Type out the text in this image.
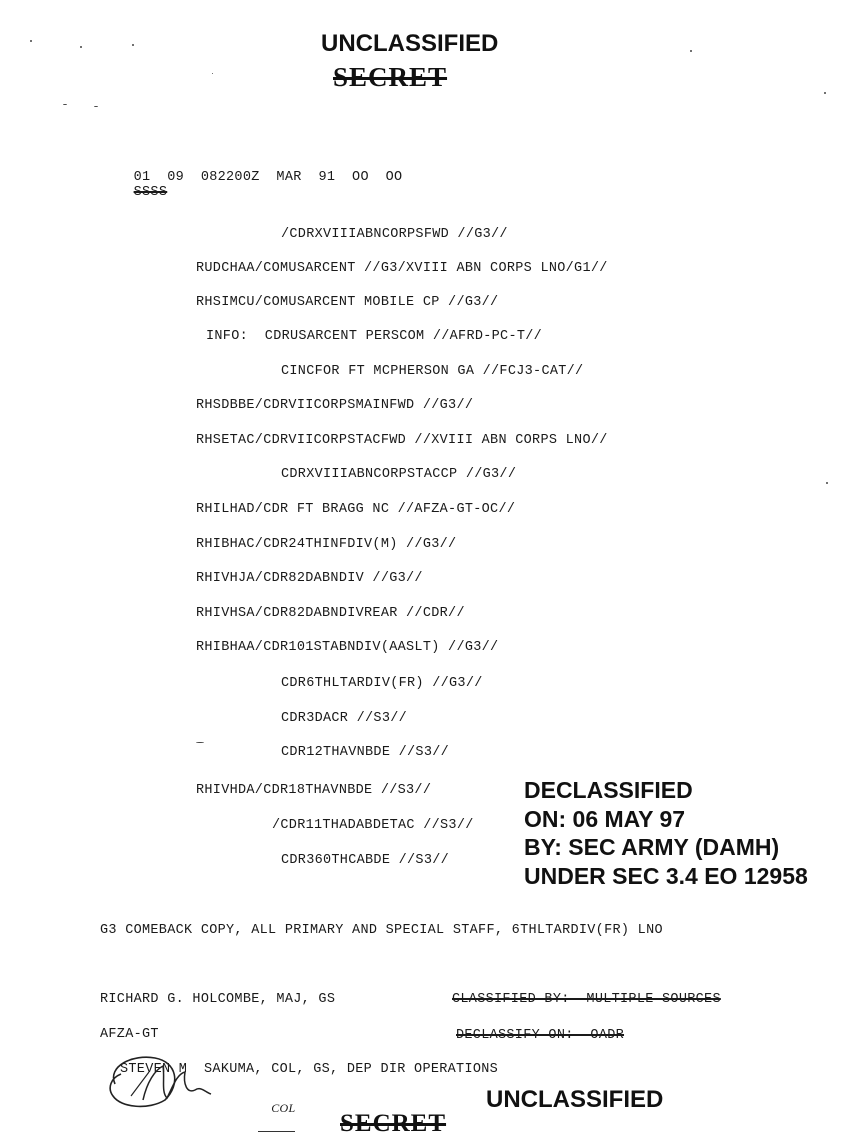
UNCLASSIFIED
SECRET

01  09  082200Z  MAR  91  OO  OO
SSSS

/CDRXVIIIABNCORPSFWD //G3//
RUDCHAA/COMUSARCENT //G3/XVIII ABN CORPS LNO/G1//
RHSIMCU/COMUSARCENT MOBILE CP //G3//
INFO:  CDRUSARCENT PERSCOM //AFRD-PC-T//
CINCFOR FT MCPHERSON GA //FCJ3-CAT//
RHSDBBE/CDRVIICORPSMAINFWD //G3//
RHSETAC/CDRVIICORPSTACFWD //XVIII ABN CORPS LNO//
CDRXVIIIABNCORPSTACCP //G3//
RHILHAD/CDR FT BRAGG NC //AFZA-GT-OC//
RHIBHAC/CDR24THINFDIV(M) //G3//
RHIVHJA/CDR82DABNDIV //G3//
RHIVHSA/CDR82DABNDIVREAR //CDR//
RHIBHAA/CDR101STABNDIV(AASLT) //G3//
CDR6THLTARDIV(FR) //G3//
CDR3DACR //S3//
CDR12THAVNBDE //S3//
RHIVHDA/CDR18THAVNBDE //S3//
/CDR11THADABDETAC //S3//
CDR360THCABDE //S3//
DECLASSIFIED
ON: 06 MAY 97
BY: SEC ARMY (DAMH)
UNDER SEC 3.4 EO 12958
G3 COMEBACK COPY, ALL PRIMARY AND SPECIAL STAFF, 6THLTARDIV(FR) LNO
RICHARD G. HOLCOMBE, MAJ, GS	CLASSIFIED BY:  MULTIPLE SOURCES
AFZA-GT	DECLASSIFY ON:  OADR
STEVEN M  SAKUMA, COL, GS, DEP DIR OPERATIONS

COL
	UNCLASSIFIED
SECRET
